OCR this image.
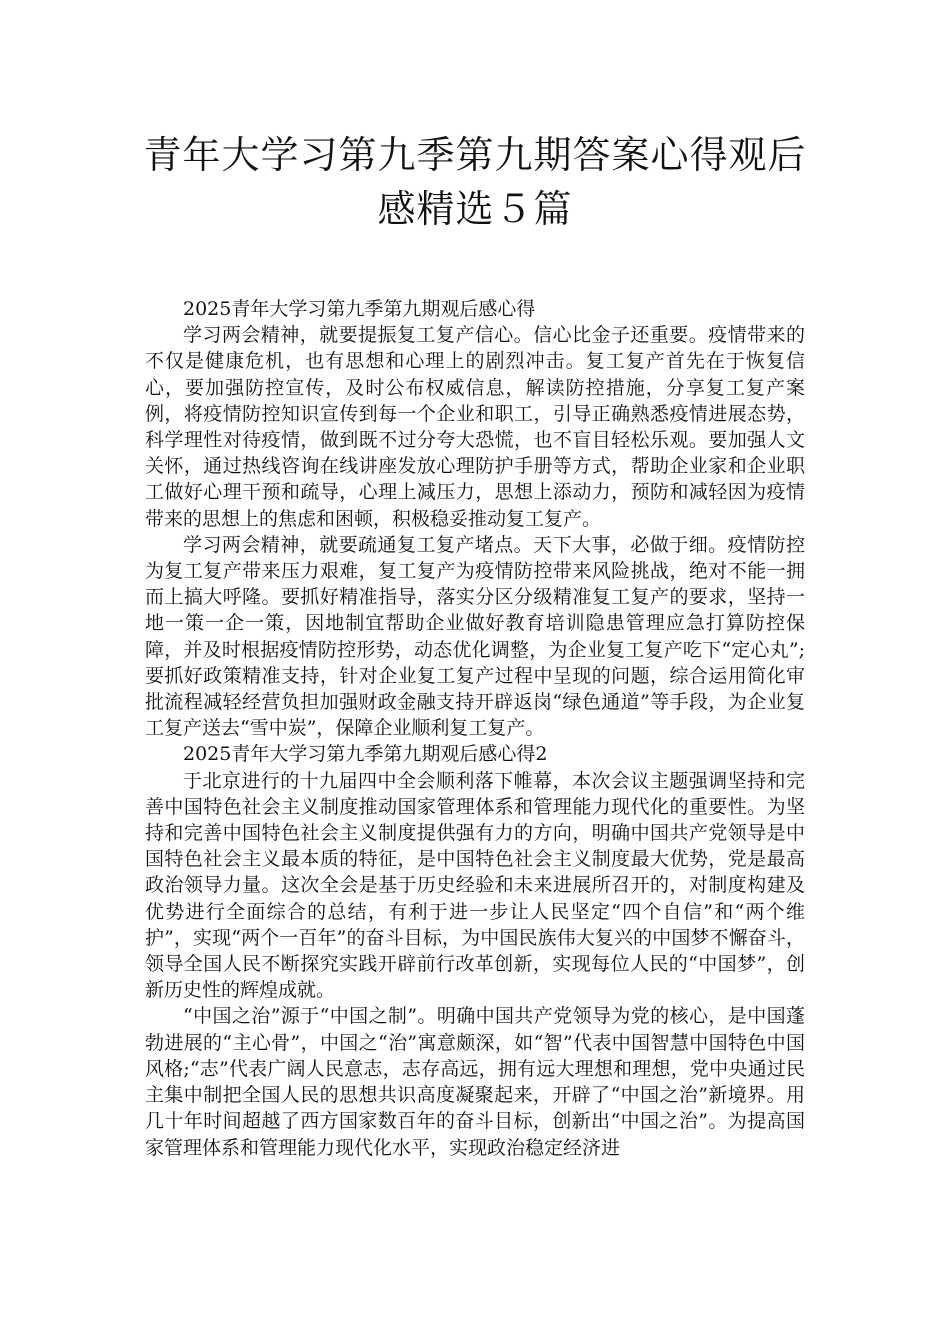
青年大学习第九季第九期答案心得观后
感精选５篇

2025青年大学习第九季第九期观后感心得

学习两会精神，就要提振复工复产信心。信心比金子还重要。疫情带来的不仅是健康危机，也有思想和心理上的剧烈冲击。复工复产首先在于恢复信心，要加强防控宣传，及时公布权威信息，解读防控措施，分享复工复产案例，将疫情防控知识宣传到每一个企业和职工，引导正确熟悉疫情进展态势，科学理性对待疫情，做到既不过分夸大恐慌，也不盲目轻松乐观。要加强人文关怀，通过热线咨询在线讲座发放心理防护手册等方式，帮助企业家和企业职工做好心理干预和疏导，心理上减压力，思想上添动力，预防和减轻因为疫情带来的思想上的焦虑和困顿，积极稳妥推动复工复产。

学习两会精神，就要疏通复工复产堵点。天下大事，必做于细。疫情防控为复工复产带来压力艰难，复工复产为疫情防控带来风险挑战，绝对不能一拥而上搞大呼隆。要抓好精准指导，落实分区分级精准复工复产的要求，坚持一地一策一企一策，因地制宜帮助企业做好教育培训隐患管理应急打算防控保障，并及时根据疫情防控形势，动态优化调整，为企业复工复产吃下“定心丸”;要抓好政策精准支持，针对企业复工复产过程中呈现的问题，综合运用简化审批流程减轻经营负担加强财政金融支持开辟返岗“绿色通道”等手段，为企业复工复产送去“雪中炭”，保障企业顺利复工复产。

2025青年大学习第九季第九期观后感心得2

于北京进行的十九届四中全会顺利落下帷幕，本次会议主题强调坚持和完善中国特色社会主义制度推动国家管理体系和管理能力现代化的重要性。为坚持和完善中国特色社会主义制度提供强有力的方向，明确中国共产党领导是中国特色社会主义最本质的特征，是中国特色社会主义制度最大优势，党是最高政治领导力量。这次全会是基于历史经验和未来进展所召开的，对制度构建及优势进行全面综合的总结，有利于进一步让人民坚定“四个自信”和“两个维护”，实现“两个一百年”的奋斗目标，为中国民族伟大复兴的中国梦不懈奋斗，领导全国人民不断探究实践开辟前行改革创新，实现每位人民的“中国梦”，创新历史性的辉煌成就。

“中国之治”源于“中国之制”。明确中国共产党领导为党的核心，是中国蓬勃进展的“主心骨”，中国之“治”寓意颇深，如“智”代表中国智慧中国特色中国风格;“志”代表广阔人民意志，志存高远，拥有远大理想和理想，党中央通过民主集中制把全国人民的思想共识高度凝聚起来，开辟了“中国之治”新境界。用几十年时间超越了西方国家数百年的奋斗目标，创新出“中国之治”。为提高国家管理体系和管理能力现代化水平，实现政治稳定经济进
